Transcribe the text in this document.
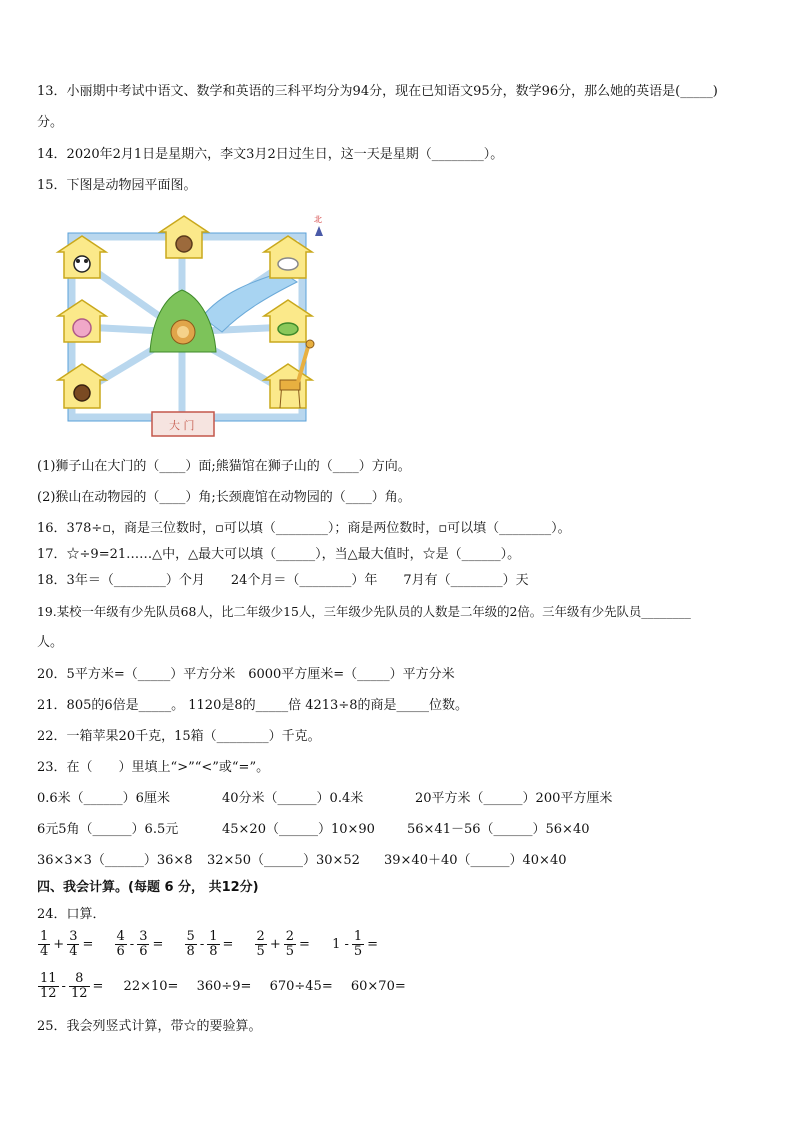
13．小丽期中考试中语文、数学和英语的三科平均分为94分，现在已知语文95分，数学96分，那么她的英语是(_____)
分。
14．2020年2月1日是星期六，李文3月2日过生日，这一天是星期（________）。
15．下图是动物园平面图。
北
大 门
(1)狮子山在大门的（____）面;熊猫馆在狮子山的（____）方向。
(2)猴山在动物园的（____）角;长颈鹿馆在动物园的（____）角。
16．378÷▫，商是三位数时，▫可以填（________）；商是两位数时，▫可以填（________）。
17．☆÷9=21……△中，△最大可以填（______），当△最大值时，☆是（______）。
18．3年＝（________）个月　　24个月＝（________）年　　7月有（________）天
19.某校一年级有少先队员68人，比二年级少15人，三年级少先队员的人数是二年级的2倍。三年级有少先队员________
人。
20．5平方米=（_____）平方分米　6000平方厘米=（_____）平方分米
21．805的6倍是_____。 1120是8的_____倍 4213÷8的商是_____位数。
22．一箱苹果20千克，15箱（________）千克。
23．在（　　）里填上“>”“<”或“=”。
0.6米（______）6厘米	40分米（______）0.4米	20平方米（______）200平方厘米
6元5角（______）6.5元	45×20（______）10×90 56×41－56（______）56×40
36×3×3（______）36×8 32×50（______）30×52 39×40＋40（______）40×40
四、我会计算。(每题 6 分， 共12分)
24．口算．
$\frac{1}{4} + \frac{3}{4} = \frac{4}{6} - \frac{3}{6} = \frac{5}{8} - \frac{1}{8} = \frac{2}{5} + \frac{2}{5} = 1 - \frac{1}{5}$ =
$\frac{11}{12} - \frac{8}{12} = 22\times 10= 360\div 9= 670\div 45= 60\times 70=$
25．我会列竖式计算，带☆的要验算。
